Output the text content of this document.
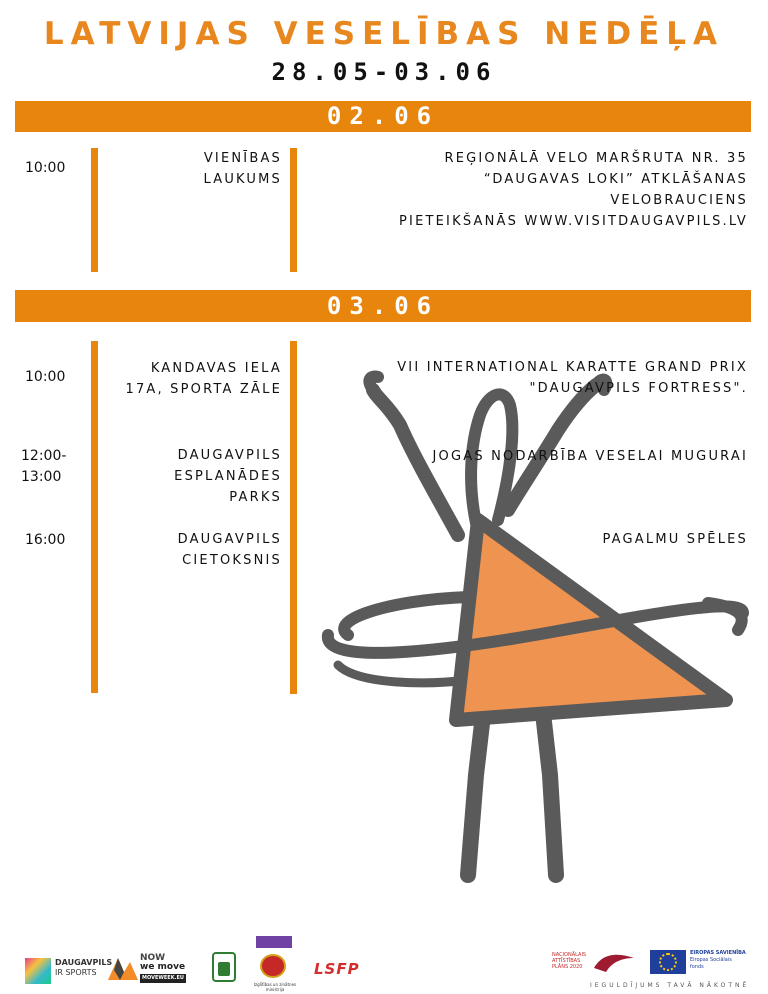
LATVIJAS VESELĪBAS NEDĒĻA
28.05-03.06
02.06
10:00
VIENĪBAS
LAUKUMS
REĢIONĀLĀ VELO MARŠRUTA NR. 35
“DAUGAVAS LOKI” ATKLĀŠANAS
VELOBRAUCIENS
PIETEIKŠANĀS WWW.VISITDAUGAVPILS.LV
03.06
10:00
KANDAVAS IELA
17A, SPORTA ZĀLE
VII INTERNATIONAL KARATTE GRAND PRIX
"DAUGAVPILS FORTRESS".
12:00-
13:00
DAUGAVPILS
ESPLANĀDES
PARKS
JOGAS NODARBĪBA VESELAI MUGURAI
16:00	DAUGAVPILS
CIETOKSNIS
PAGALMU SPĒLES
DAUGAVPILS
IR SPORTS
NOW
we move
MOVEWEEK.EU
Izglītības un zinātnes
ministrija
LSFP
NACIONĀLAIS
ATTĪSTĪBAS
PLĀNS 2020
EIROPAS SAVIENĪBA
Eiropas Sociālais
fonds
IEGULDĪJUMS TAVĀ NĀKOTNĒ
